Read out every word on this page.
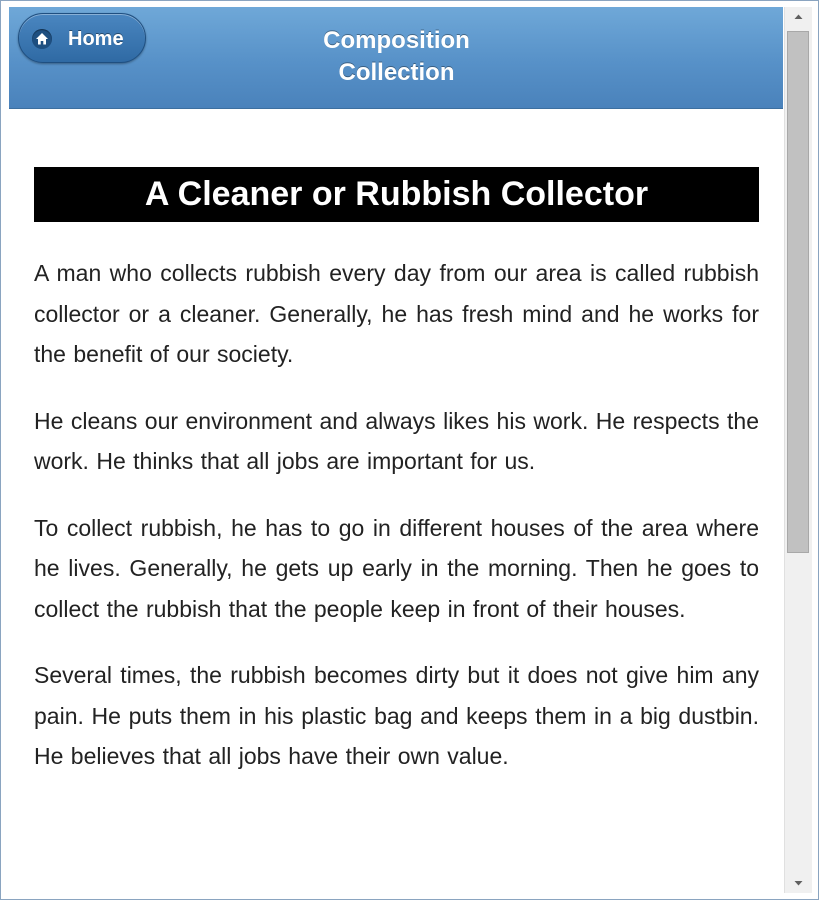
Home	Composition
Collection
A Cleaner or Rubbish Collector

A man who collects rubbish every day from our area is called rubbish collector or a cleaner. Generally, he has fresh mind and he works for the benefit of our society.

He cleans our environment and always likes his work. He respects the work. He thinks that all jobs are important for us.

To collect rubbish, he has to go in different houses of the area where he lives. Generally, he gets up early in the morning. Then he goes to collect the rubbish that the people keep in front of their houses.

Several times, the rubbish becomes dirty but it does not give him any pain. He puts them in his plastic bag and keeps them in a big dustbin. He believes that all jobs have their own value.
